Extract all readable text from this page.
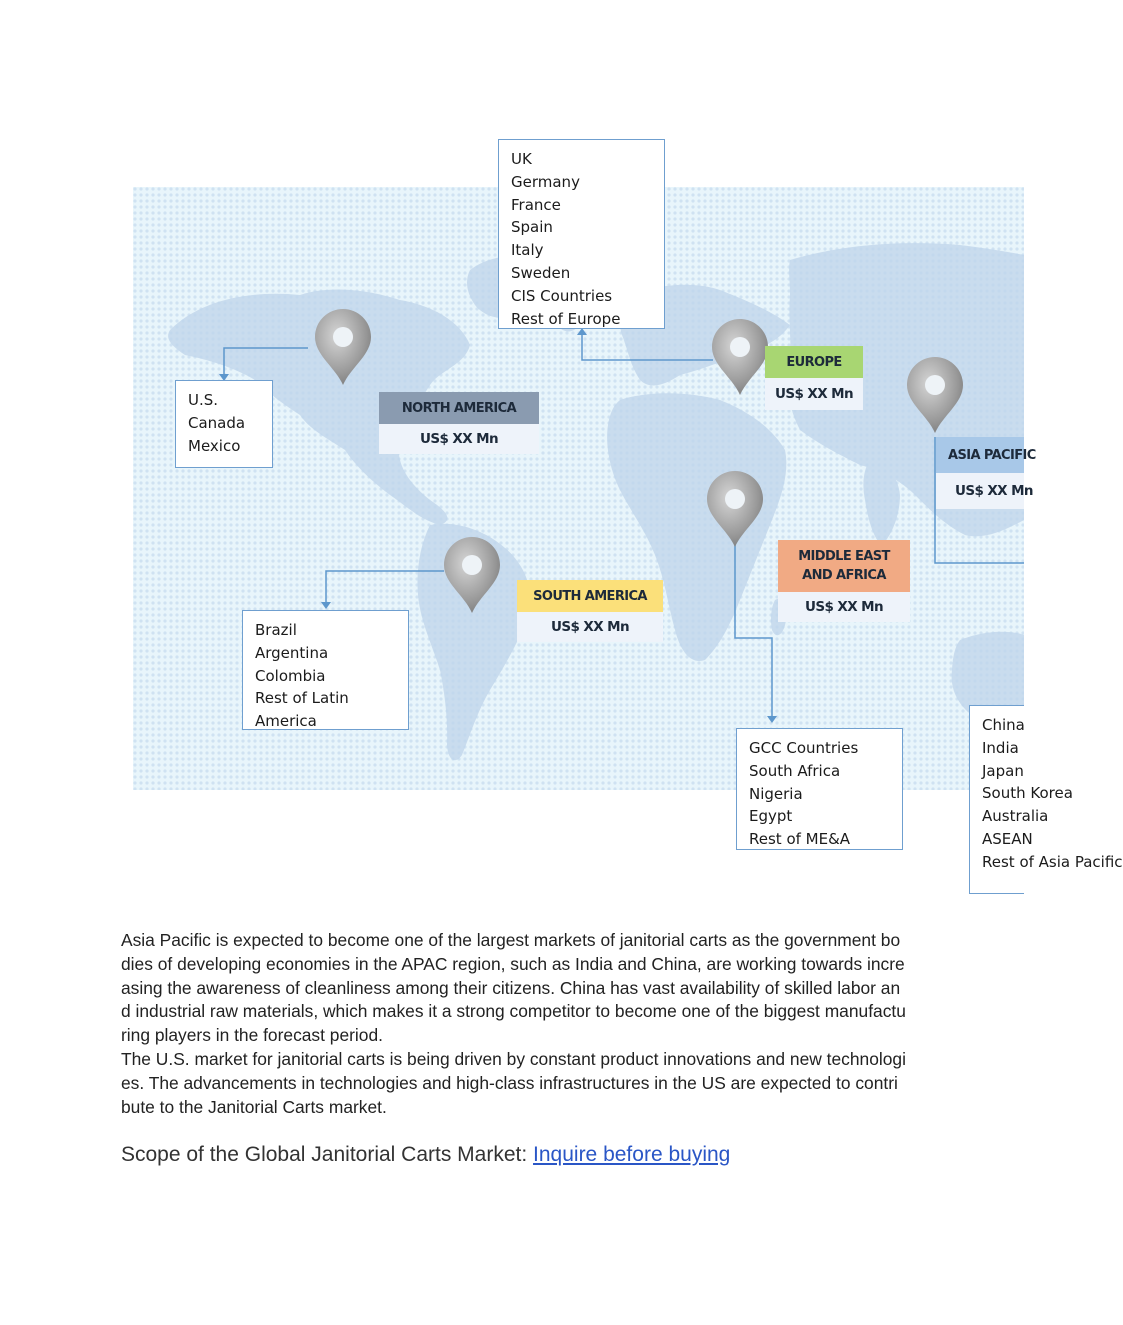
UK
Germany
France
Spain
Italy
Sweden
CIS Countries
Rest of Europe
U.S.
Canada
Mexico
NORTH AMERICA
US$ XX Mn
EUROPE
US$ XX Mn
ASIA PACIFIC
US$ XX Mn
MIDDLE EAST
AND AFRICA
US$ XX Mn
SOUTH AMERICA
US$ XX Mn
Brazil
Argentina
Colombia
Rest of Latin
America
GCC Countries
South Africa
Nigeria
Egypt
Rest of ME&A
China
India
Japan
South Korea
Australia
ASEAN
Rest of Asia Pacific

Asia Pacific is expected to become one of the largest markets of janitorial carts as the government bodies of developing economies in the APAC region, such as India and China, are working towards increasing the awareness of cleanliness among their citizens. China has vast availability of skilled labor and industrial raw materials, which makes it a strong competitor to become one of the biggest manufacturing players in the forecast period.

The U.S. market for janitorial carts is being driven by constant product innovations and new technologies. The advancements in technologies and high-class infrastructures in the US are expected to contribute to the Janitorial Carts market.

Scope of the Global Janitorial Carts Market: Inquire before buying
